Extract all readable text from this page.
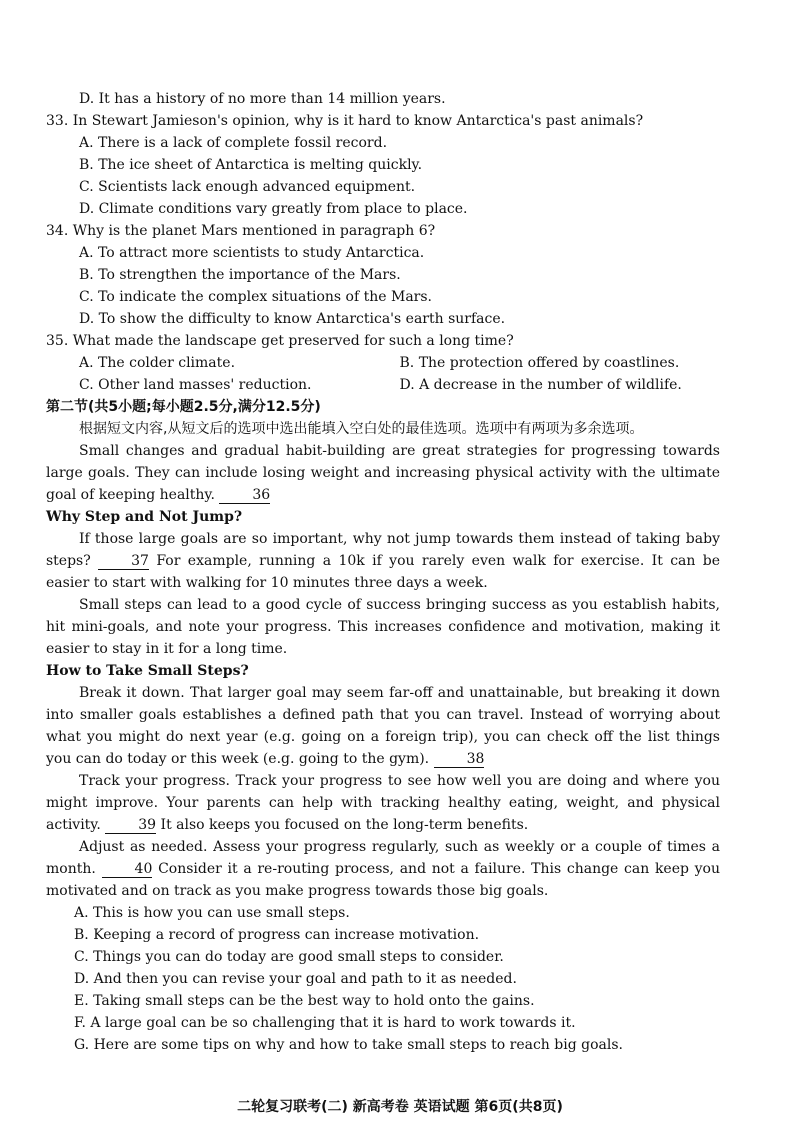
D. It has a history of no more than 14 million years.
33. In Stewart Jamieson's opinion, why is it hard to know Antarctica's past animals?
A. There is a lack of complete fossil record.
B. The ice sheet of Antarctica is melting quickly.
C. Scientists lack enough advanced equipment.
D. Climate conditions vary greatly from place to place.
34. Why is the planet Mars mentioned in paragraph 6?
A. To attract more scientists to study Antarctica.
B. To strengthen the importance of the Mars.
C. To indicate the complex situations of the Mars.
D. To show the difficulty to know Antarctica's earth surface.
35. What made the landscape get preserved for such a long time?
A. The colder climate.	B. The protection offered by coastlines.
C. Other land masses' reduction.	D. A decrease in the number of wildlife.
第二节(共5小题;每小题2.5分,满分12.5分)
根据短文内容,从短文后的选项中选出能填入空白处的最佳选项。选项中有两项为多余选项。
Small changes and gradual habit-building are great strategies for progressing towards large goals. They can include losing weight and increasing physical activity with the ultimate goal of keeping healthy.	36
Why Step and Not Jump?
If those large goals are so important, why not jump towards them instead of taking baby steps?	37 For example, running a 10k if you rarely even walk for exercise. It can be easier to start with walking for 10 minutes three days a week.
Small steps can lead to a good cycle of success bringing success as you establish habits, hit mini-goals, and note your progress. This increases confidence and motivation, making it easier to stay in it for a long time.
How to Take Small Steps?
Break it down. That larger goal may seem far-off and unattainable, but breaking it down into smaller goals establishes a defined path that you can travel. Instead of worrying about what you might do next year (e.g. going on a foreign trip), you can check off the list things you can do today or this week (e.g. going to the gym).	38
Track your progress. Track your progress to see how well you are doing and where you might improve. Your parents can help with tracking healthy eating, weight, and physical activity.	39 It also keeps you focused on the long-term benefits.
Adjust as needed. Assess your progress regularly, such as weekly or a couple of times a month.	40 Consider it a re-routing process, and not a failure. This change can keep you motivated and on track as you make progress towards those big goals.
A. This is how you can use small steps.
B. Keeping a record of progress can increase motivation.
C. Things you can do today are good small steps to consider.
D. And then you can revise your goal and path to it as needed.
E. Taking small steps can be the best way to hold onto the gains.
F. A large goal can be so challenging that it is hard to work towards it.
G. Here are some tips on why and how to take small steps to reach big goals.
二轮复习联考(二) 新高考卷 英语试题 第6页(共8页)
